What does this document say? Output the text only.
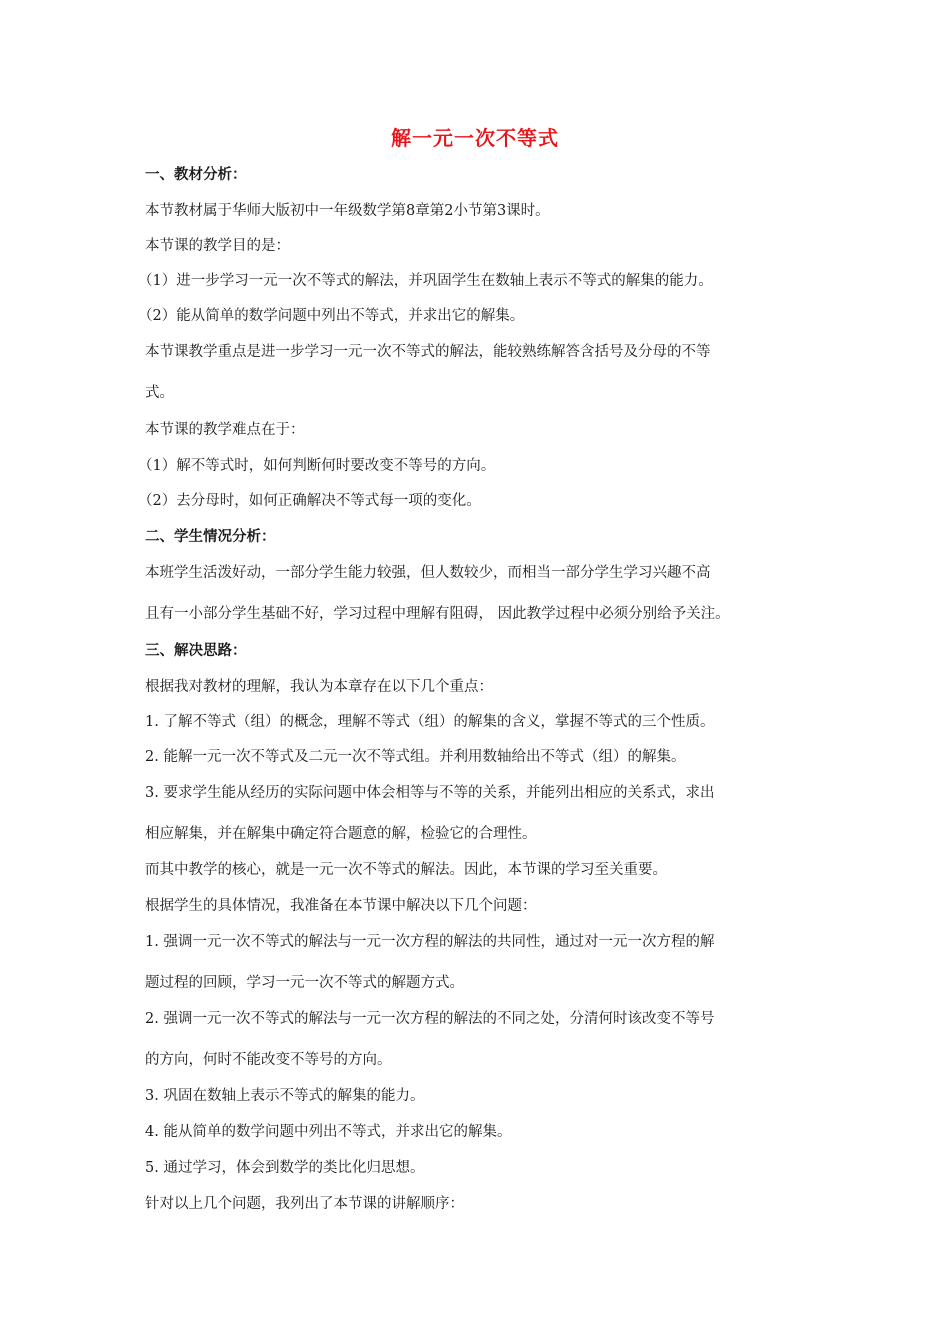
解一元一次不等式
一、教材分析：
本节教材属于华师大版初中一年级数学第8章第2小节第3课时。
本节课的教学目的是：
（1）进一步学习一元一次不等式的解法，并巩固学生在数轴上表示不等式的解集的能力。
（2）能从简单的数学问题中列出不等式，并求出它的解集。
本节课教学重点是进一步学习一元一次不等式的解法，能较熟练解答含括号及分母的不等
式。
本节课的教学难点在于：
（1）解不等式时，如何判断何时要改变不等号的方向。
（2）去分母时，如何正确解决不等式每一项的变化。
二、学生情况分析：
本班学生活泼好动，一部分学生能力较强，但人数较少，而相当一部分学生学习兴趣不高
且有一小部分学生基础不好，学习过程中理解有阻碍， 因此教学过程中必须分别给予关注。
三、解决思路：
根据我对教材的理解，我认为本章存在以下几个重点：
1. 了解不等式（组）的概念，理解不等式（组）的解集的含义，掌握不等式的三个性质。
2. 能解一元一次不等式及二元一次不等式组。并利用数轴给出不等式（组）的解集。
3. 要求学生能从经历的实际问题中体会相等与不等的关系，并能列出相应的关系式，求出
相应解集，并在解集中确定符合题意的解，检验它的合理性。
而其中教学的核心，就是一元一次不等式的解法。因此，本节课的学习至关重要。
根据学生的具体情况，我准备在本节课中解决以下几个问题：
1. 强调一元一次不等式的解法与一元一次方程的解法的共同性，通过对一元一次方程的解
题过程的回顾，学习一元一次不等式的解题方式。
2. 强调一元一次不等式的解法与一元一次方程的解法的不同之处，分清何时该改变不等号
的方向，何时不能改变不等号的方向。
3. 巩固在数轴上表示不等式的解集的能力。
4. 能从简单的数学问题中列出不等式，并求出它的解集。
5. 通过学习，体会到数学的类比化归思想。
针对以上几个问题，我列出了本节课的讲解顺序：
